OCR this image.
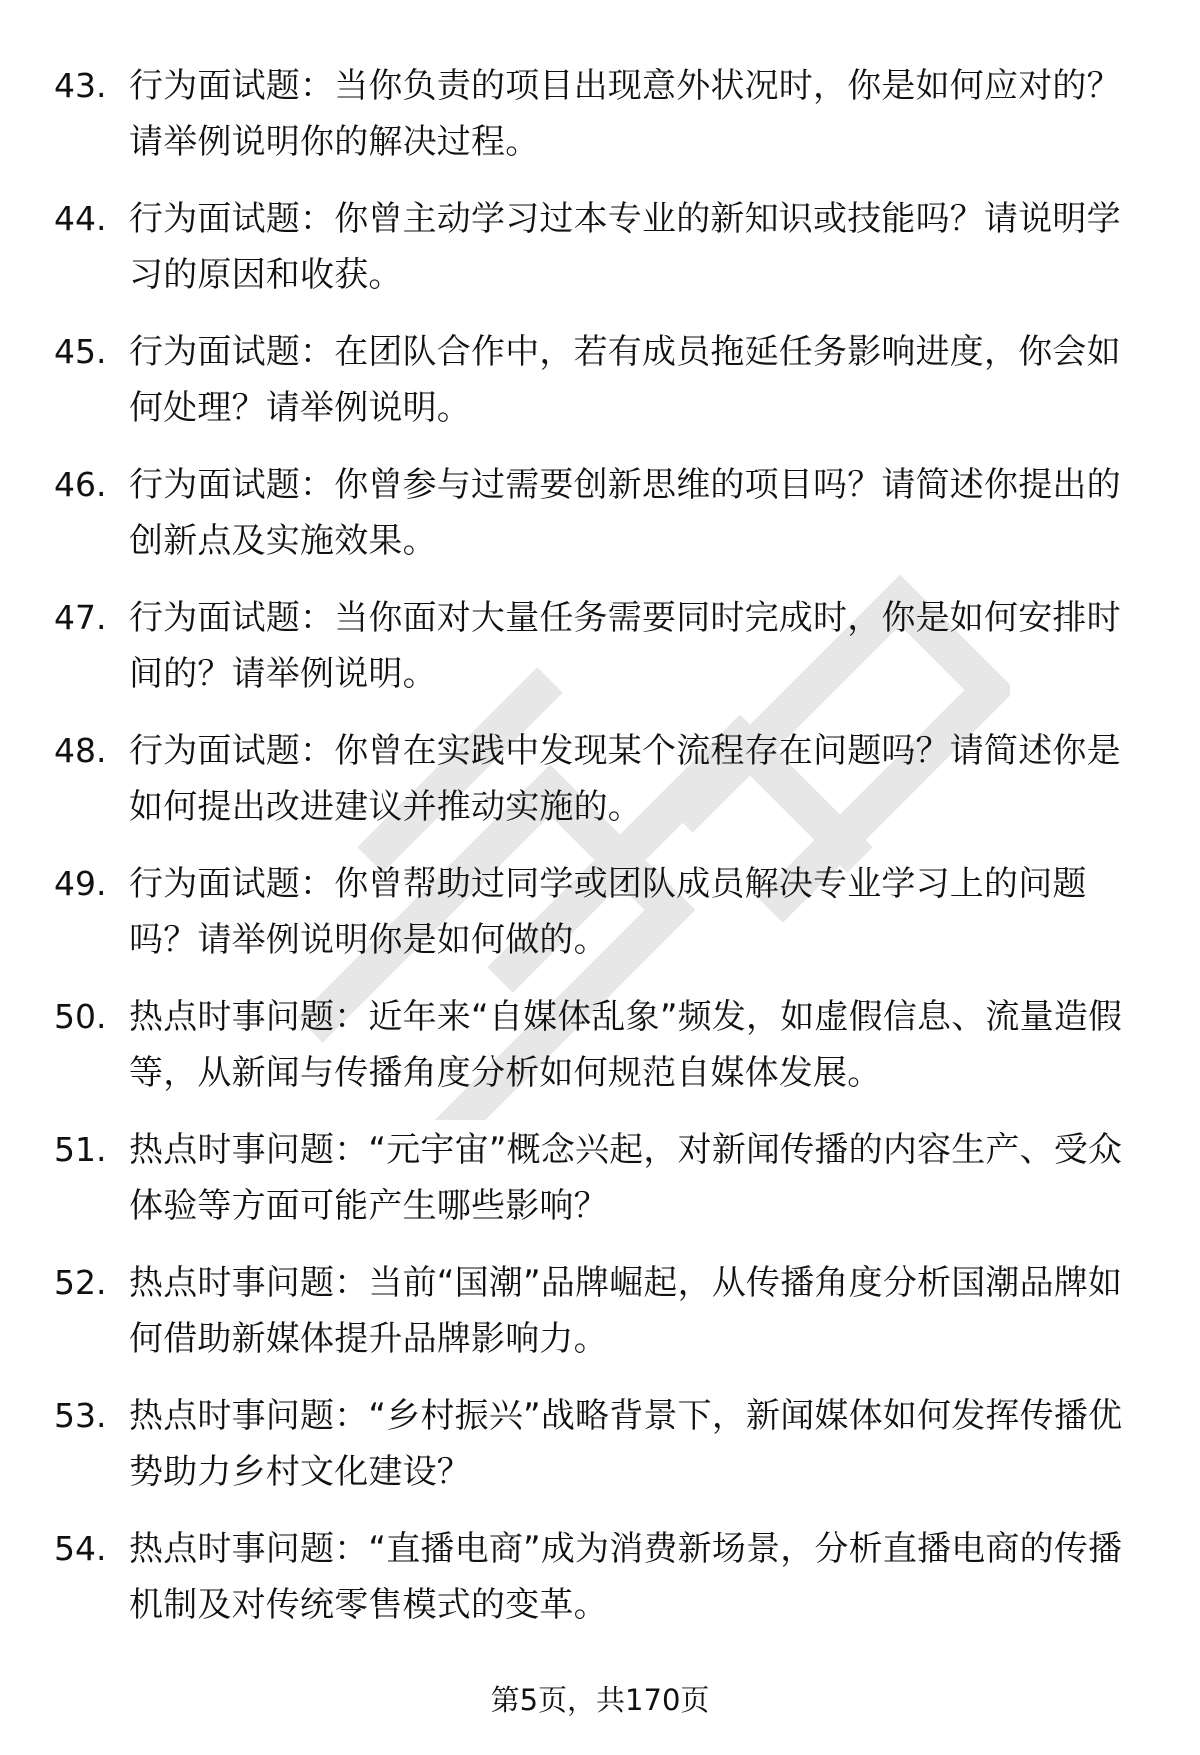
43. 行为面试题：当你负责的项目出现意外状况时，你是如何应对的？请举例说明你的解决过程。
44. 行为面试题：你曾主动学习过本专业的新知识或技能吗？请说明学习的原因和收获。
45. 行为面试题：在团队合作中，若有成员拖延任务影响进度，你会如何处理？请举例说明。
46. 行为面试题：你曾参与过需要创新思维的项目吗？请简述你提出的创新点及实施效果。
47. 行为面试题：当你面对大量任务需要同时完成时，你是如何安排时间的？请举例说明。
48. 行为面试题：你曾在实践中发现某个流程存在问题吗？请简述你是如何提出改进建议并推动实施的。
49. 行为面试题：你曾帮助过同学或团队成员解决专业学习上的问题吗？请举例说明你是如何做的。
50. 热点时事问题：近年来“自媒体乱象”频发，如虚假信息、流量造假等，从新闻与传播角度分析如何规范自媒体发展。
51. 热点时事问题：“元宇宙”概念兴起，对新闻传播的内容生产、受众体验等方面可能产生哪些影响？
52. 热点时事问题：当前“国潮”品牌崛起，从传播角度分析国潮品牌如何借助新媒体提升品牌影响力。
53. 热点时事问题：“乡村振兴”战略背景下，新闻媒体如何发挥传播优势助力乡村文化建设？
54. 热点时事问题：“直播电商”成为消费新场景，分析直播电商的传播机制及对传统零售模式的变革。
第5页，共170页
